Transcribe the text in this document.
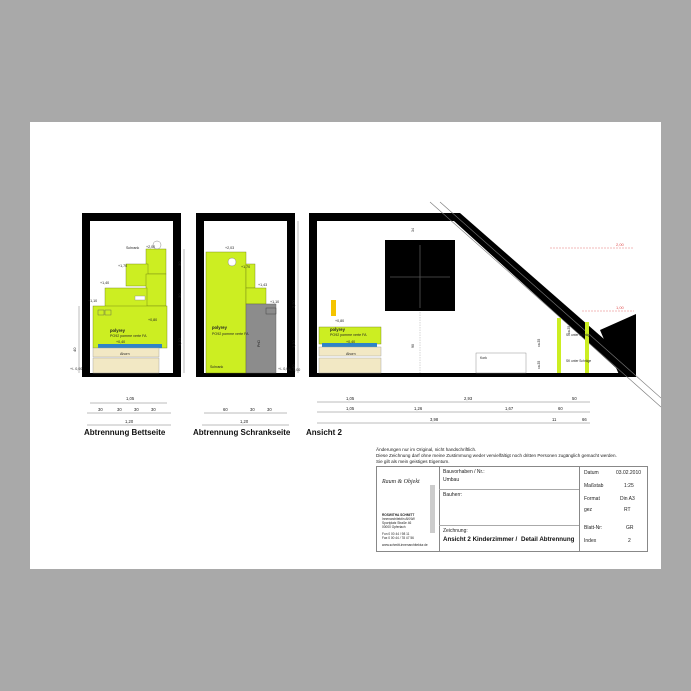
Schrank +2,00
+1,70
+1,40
+1,10
+0,80
+0,40
+/- 0,00
polyrey
PO92 pomme verte FA
Ahorn
30
30
1,10
40
1,05
30	30	30	30
1,20
+2,03
+1,70
+1,43
+1,10
+/- 0,00
polyrey
PO92 pomme verte FA
Schrank
PnD
60	30	30
1,20
34
90
polyrey
PO92 pomme verte FA
+0,80
+0,40
Ahorn
+/- 0,00
Kork
ca.35
ca.35
ca.35
SK unter Schräge
SK unter Schräge
2,00
1,00
2,50
1,10
40
1,05	2,93	50
1,05	1,26	1,67	60
3,98	11	66
Abtrennung Bettseite	Abtrennung Schrankseite Ansicht 2
Änderungen nur im Original, nicht handschriftlich.
Diese Zeichnung darf ohne meine Zustimmung weder vervielfältigt noch dritten Personen zugänglich gemacht werden.
Sie gilt als mein geistiges Eigentum.
Raum & Objekt
ROSWITHA SCHMITT
Innenarchitektin AKNW
Sportplatz Straße 46
00000 Opferlach
Fon 0 00 44 / 98 11
Fax 0 00 44 / 78 47 56
www.schmitt-innenarchitektur.de
Bauvorhaben / Nr.:
Umbau
Bauherr:
Zeichnung:
Ansicht 2 Kinderzimmer / Detail Abtrennung
Datum	03.02.2010
Maßstab	1:25
Format	Din A3
gez	RT
Blatt-Nr:	GR
Index	2
